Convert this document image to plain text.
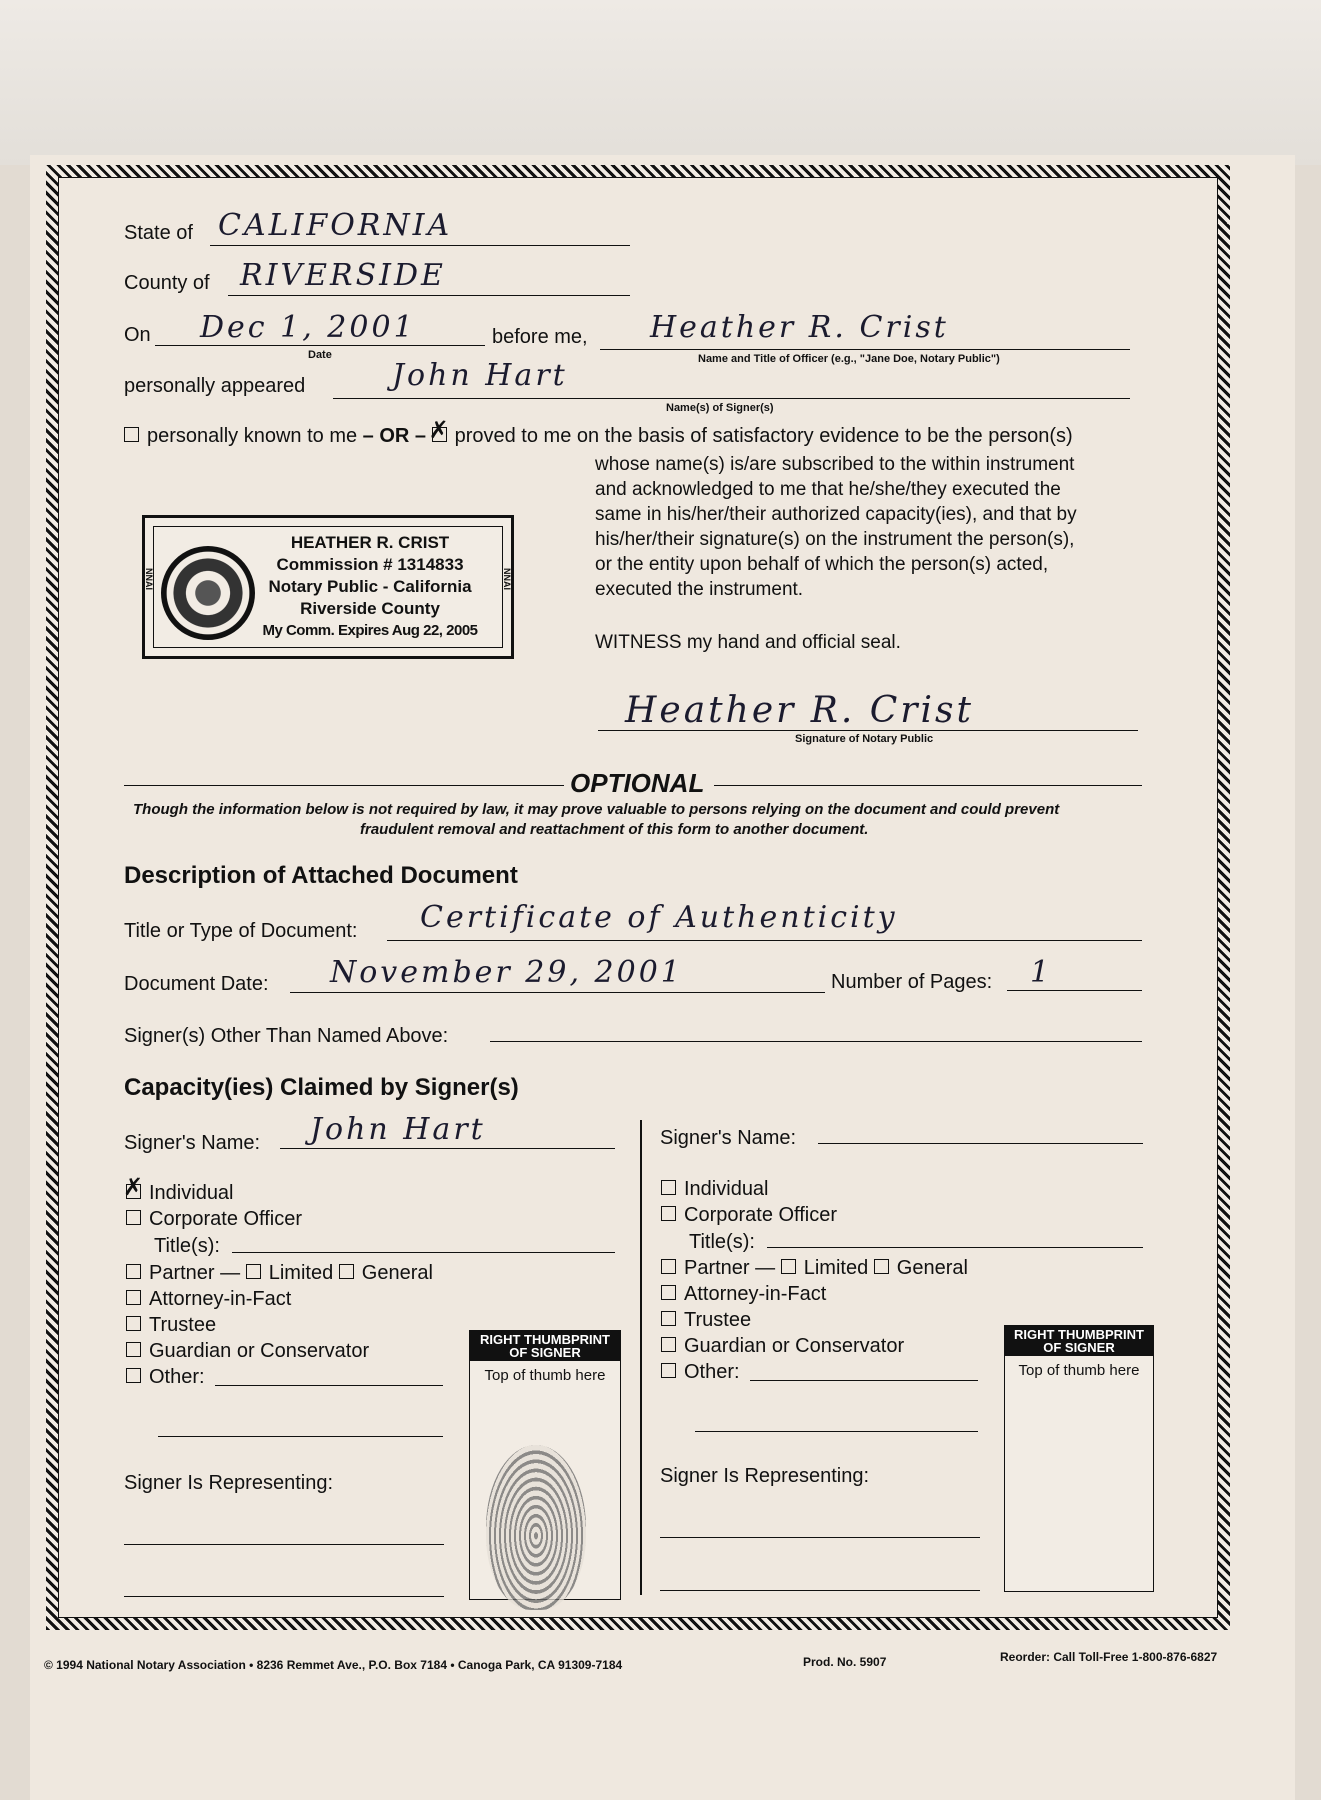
State of CALIFORNIA
County of RIVERSIDE
On Dec 1, 2001
Date
before me, Heather R. Crist
Name and Title of Officer (e.g., "Jane Doe, Notary Public")
personally appeared	John Hart
Name(s) of Signer(s)
personally known to me – OR – ✗ proved to me on the basis of satisfactory evidence to be the person(s)
whose name(s) is/are subscribed to the within instrument
and acknowledged to me that he/she/they executed the
same in his/her/their authorized capacity(ies), and that by
his/her/their signature(s) on the instrument the person(s),
or the entity upon behalf of which the person(s) acted,
executed the instrument.
WITNESS my hand and official seal.
Heather R. Crist
Signature of Notary Public
NNAI	NNAI
HEATHER R. CRIST
Commission # 1314833
Notary Public - California
Riverside County
My Comm. Expires Aug 22, 2005
OPTIONAL
Though the information below is not required by law, it may prove valuable to persons relying on the document and could prevent
fraudulent removal and reattachment of this form to another document.
Description of Attached Document
Title or Type of Document: Certificate of Authenticity
Document Date: November 29, 2001	Number of Pages: 1
Signer(s) Other Than Named Above:
Capacity(ies) Claimed by Signer(s)
Signer's Name: John Hart
✗Individual
Corporate Officer
Title(s):
Partner — Limited General
Attorney-in-Fact
Trustee
Guardian or Conservator
Other:
Signer Is Representing:
RIGHT THUMBPRINT
OF SIGNER
Top of thumb here
Signer's Name:
Individual
Corporate Officer
Title(s):
Partner — Limited General
Attorney-in-Fact
Trustee
Guardian or Conservator
Other:
Signer Is Representing:
RIGHT THUMBPRINT
OF SIGNER
Top of thumb here
© 1994 National Notary Association • 8236 Remmet Ave., P.O. Box 7184 • Canoga Park, CA 91309-7184	Prod. No. 5907	Reorder: Call Toll-Free 1-800-876-6827
